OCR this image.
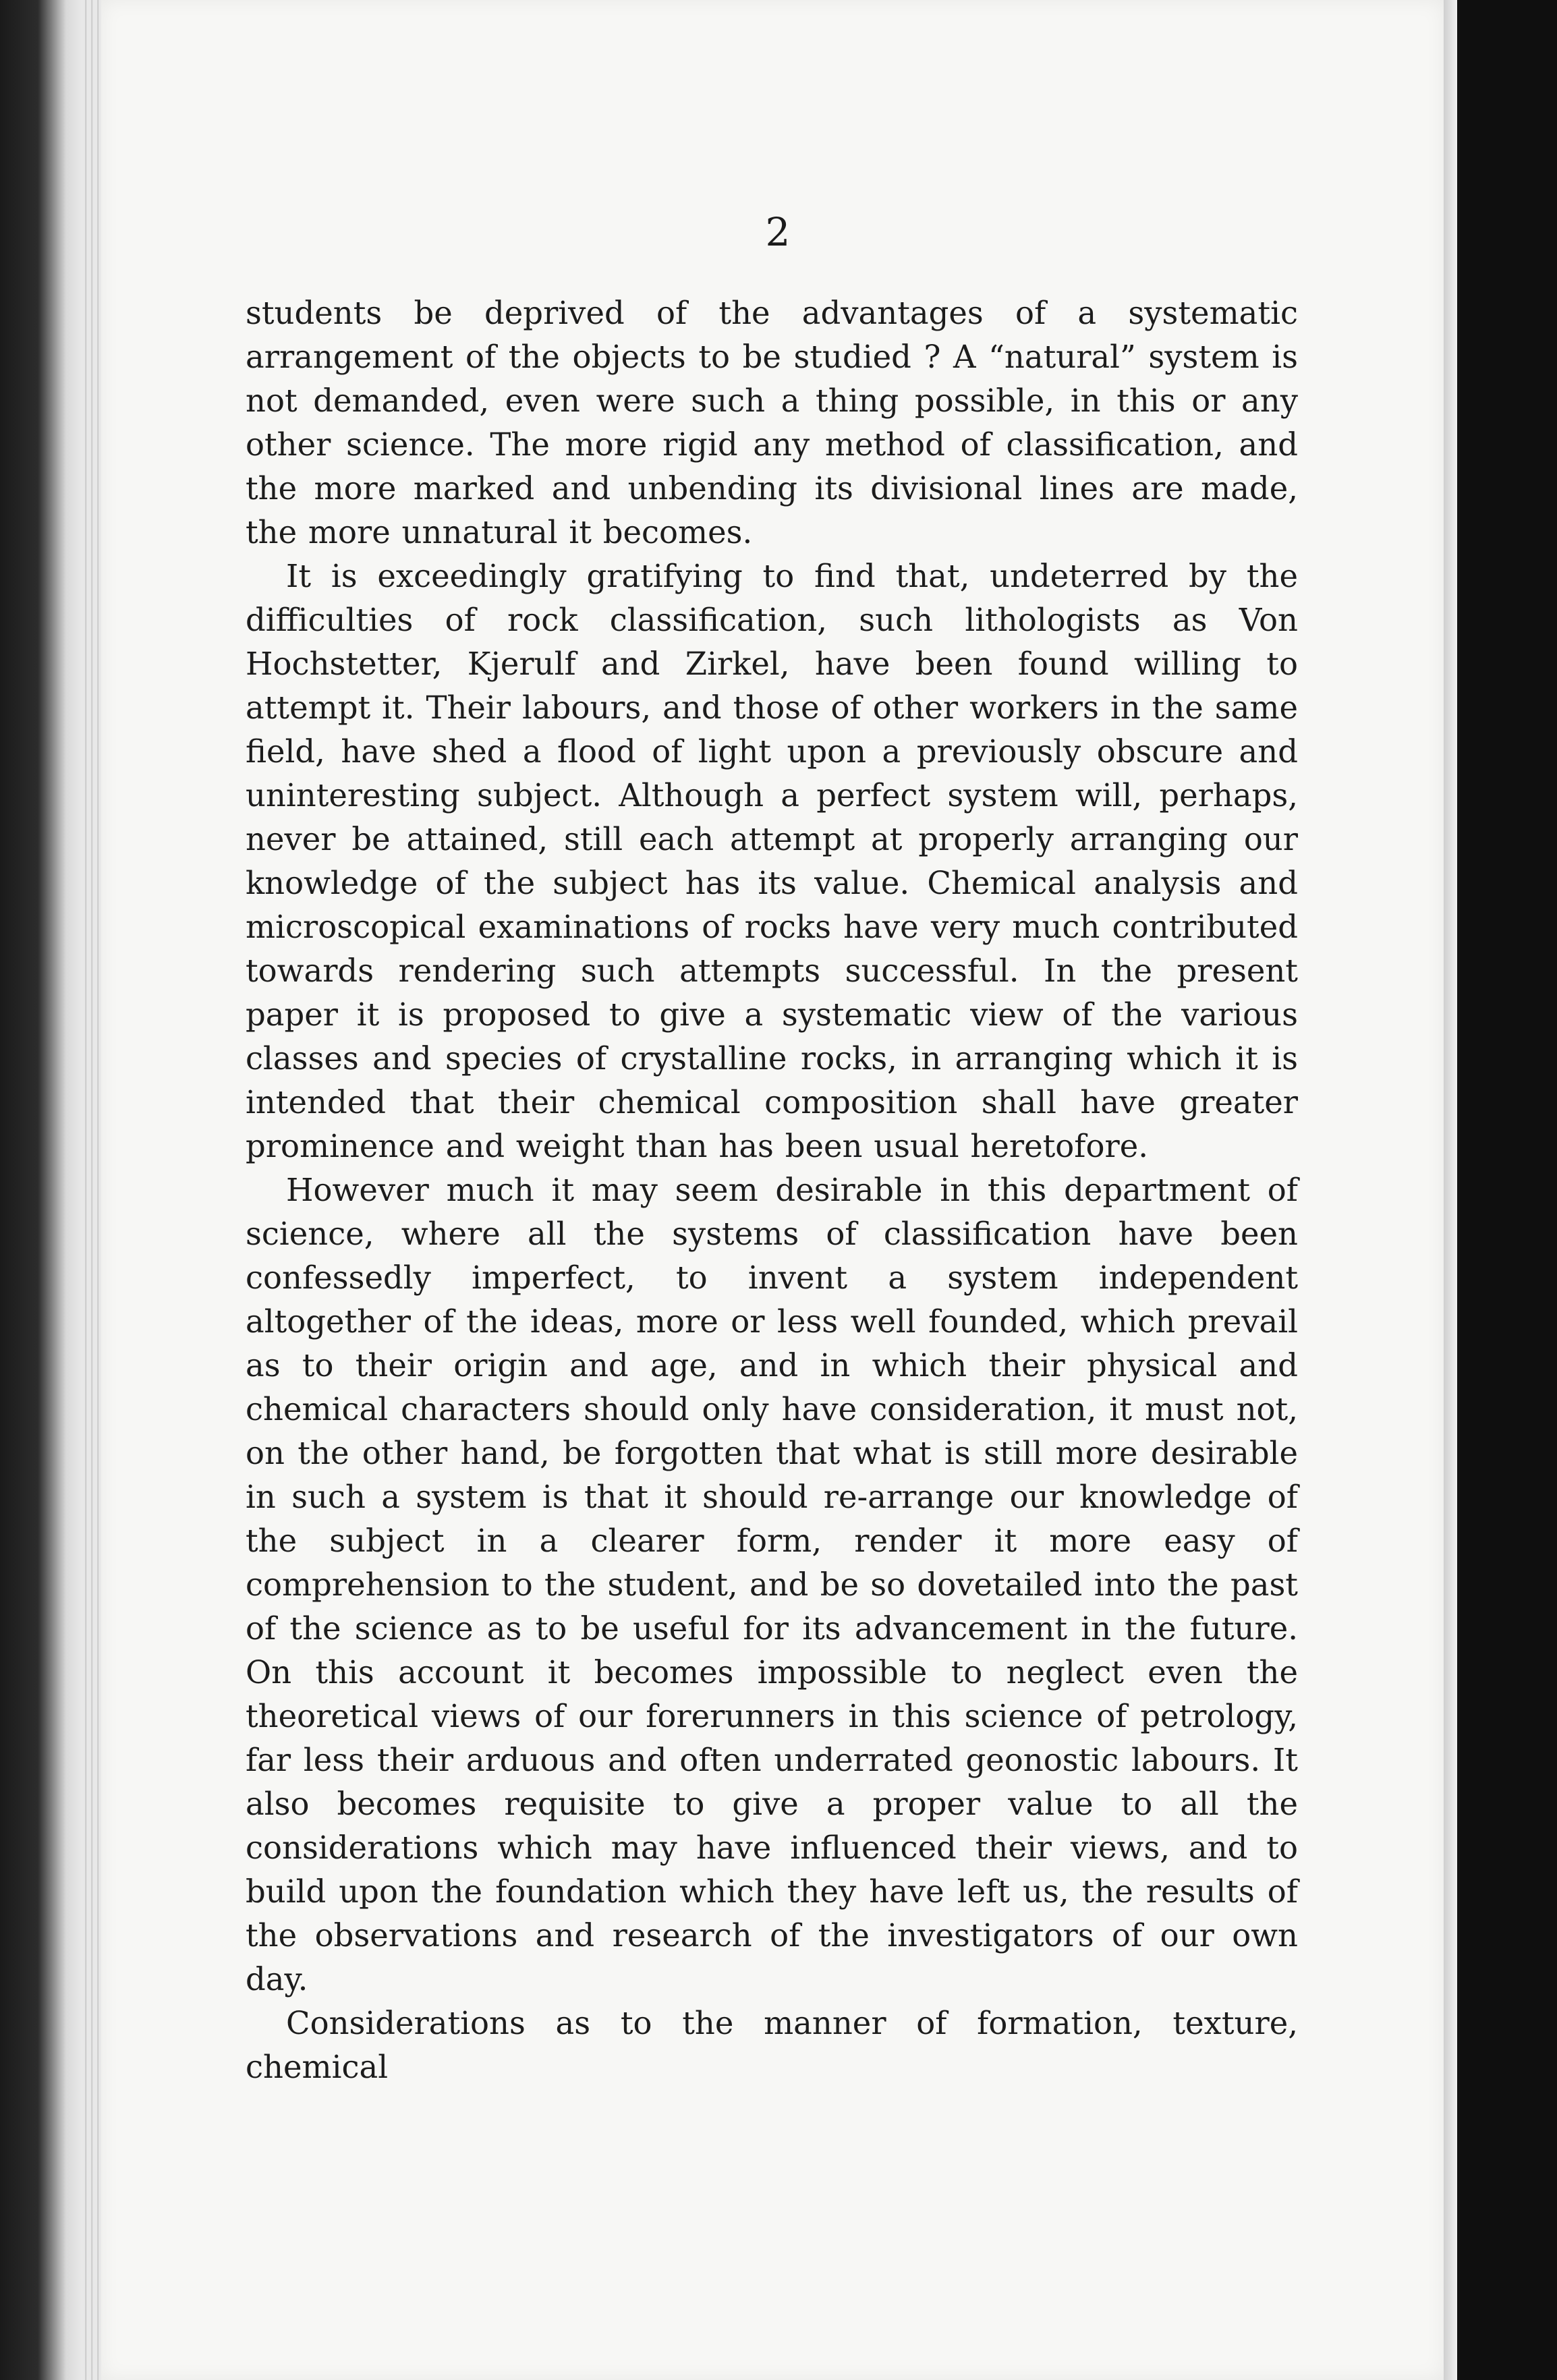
2

students be deprived of the advantages of a systematic arrangement of the objects to be studied ? A “natural” system is not demanded, even were such a thing possible, in this or any other science. The more rigid any method of classification, and the more marked and unbending its divisional lines are made, the more unnatural it becomes.

It is exceedingly gratifying to find that, undeterred by the difficulties of rock classification, such lithologists as Von Hochstetter, Kjerulf and Zirkel, have been found willing to attempt it. Their labours, and those of other workers in the same field, have shed a flood of light upon a previously obscure and uninteresting subject. Although a perfect system will, perhaps, never be attained, still each attempt at properly arranging our knowledge of the subject has its value. Chemical analysis and microscopical examinations of rocks have very much contributed towards rendering such attempts successful. In the present paper it is proposed to give a systematic view of the various classes and species of crystalline rocks, in arranging which it is intended that their chemical composition shall have greater prominence and weight than has been usual heretofore.

However much it may seem desirable in this department of science, where all the systems of classification have been confessedly imperfect, to invent a system independent altogether of the ideas, more or less well founded, which prevail as to their origin and age, and in which their physical and chemical characters should only have consideration, it must not, on the other hand, be forgotten that what is still more desirable in such a system is that it should re-arrange our knowledge of the subject in a clearer form, render it more easy of comprehension to the student, and be so dovetailed into the past of the science as to be useful for its advancement in the future. On this account it becomes impossible to neglect even the theoretical views of our forerunners in this science of petrology, far less their arduous and often underrated geonostic labours. It also becomes requisite to give a proper value to all the considerations which may have influenced their views, and to build upon the foundation which they have left us, the results of the observations and research of the investigators of our own day.

Considerations as to the manner of formation, texture, chemical
